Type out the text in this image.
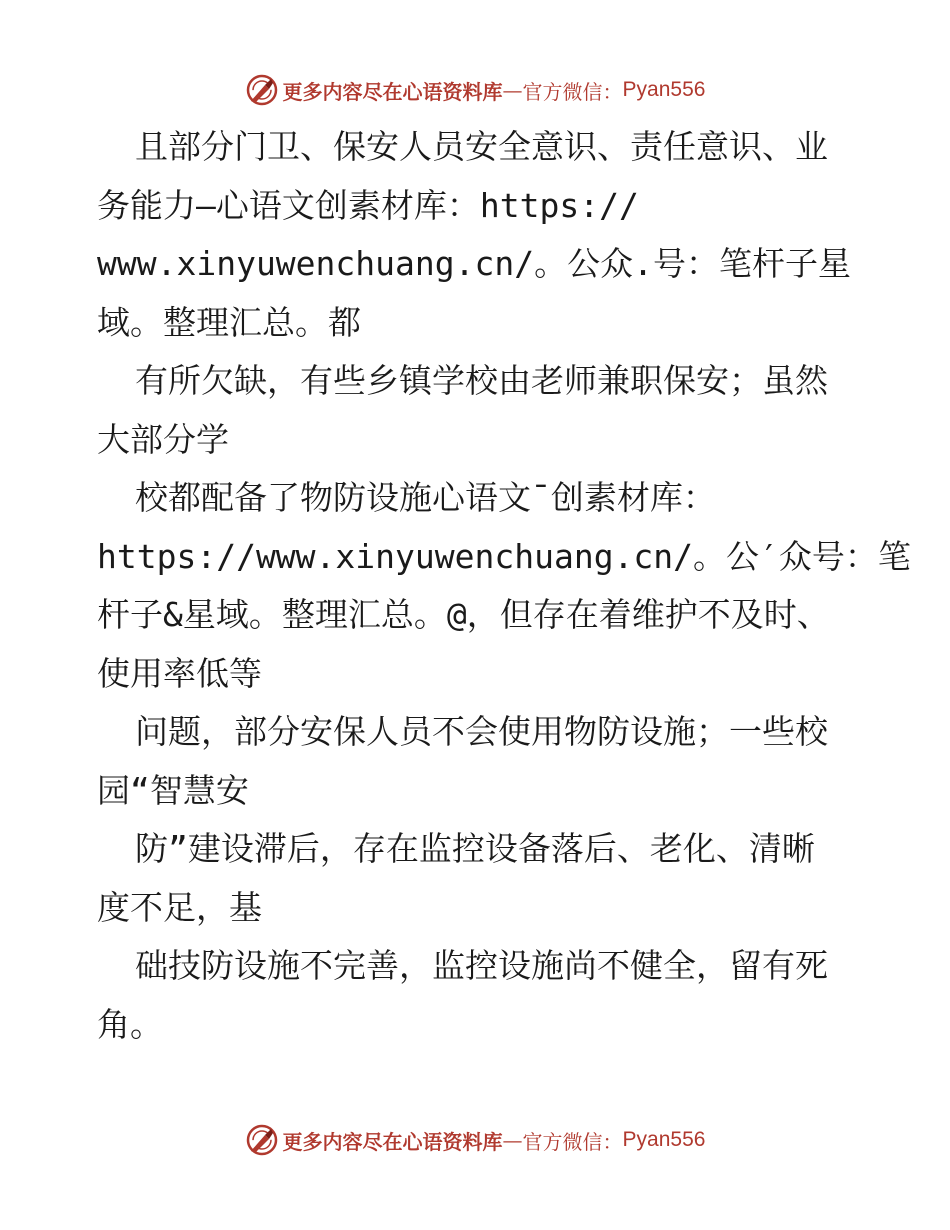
更多内容尽在心语资料库 — 官方微信： Pyan556
且部分门卫、保安人员安全意识、责任意识、业
务能力—心语文创素材库：https://
www.xinyuwenchuang.cn/。公众.号：笔杆子星
域。整理汇总。都
有所欠缺，有些乡镇学校由老师兼职保安；虽然
大部分学
校都配备了物防设施心语文¯创素材库：
https://www.xinyuwenchuang.cn/。公′众号：笔
杆子&星域。整理汇总。@，但存在着维护不及时、
使用率低等
问题，部分安保人员不会使用物防设施；一些校
园“智慧安
防”建设滞后，存在监控设备落后、老化、清晰
度不足，基
础技防设施不完善，监控设施尚不健全，留有死
角。
更多内容尽在心语资料库 — 官方微信： Pyan556
